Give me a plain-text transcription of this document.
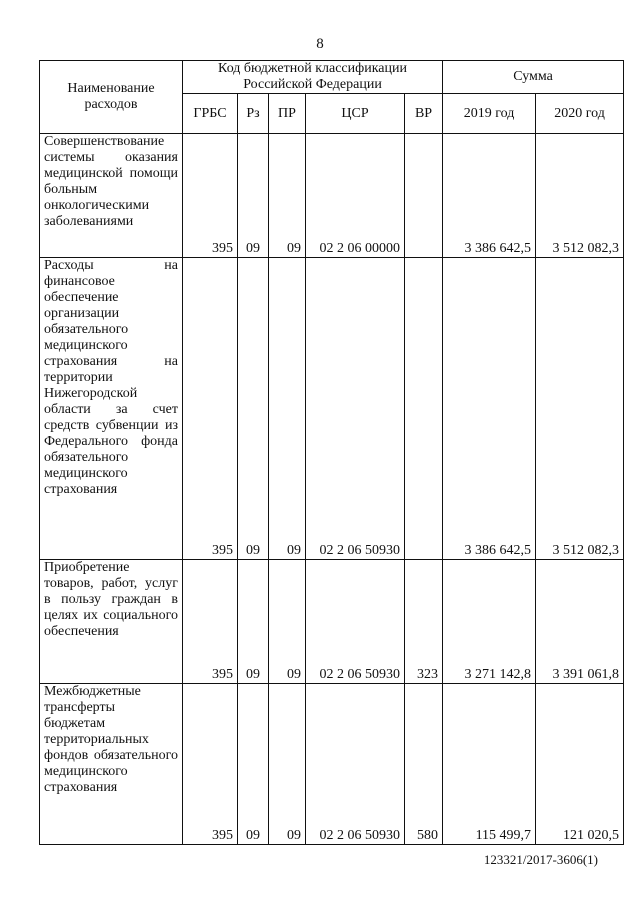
8
Наименование расходов	Код бюджетной классификации Российской Федерации					Сумма	
	ГРБС	Рз	ПР	ЦСР	ВР	2019 год	2020 год
Совершенствование системы оказания медицинской помощи больным онкологическими заболеваниями	395	09	09	02 2 06 00000		3 386 642,5	3 512 082,3
Расходы на финансовое обеспечение организации обязательного медицинского страхования на территории Нижегородской области за счет средств субвенции из Федерального фонда обязательного медицинского страхования	395	09	09	02 2 06 50930		3 386 642,5	3 512 082,3
Приобретение товаров, работ, услуг в пользу граждан в целях их социального обеспечения	395	09	09	02 2 06 50930	323	3 271 142,8	3 391 061,8
Межбюджетные трансферты бюджетам территориальных фондов обязательного медицинского страхования	395	09	09	02 2 06 50930	580	115 499,7	121 020,5
123321/2017-3606(1)
